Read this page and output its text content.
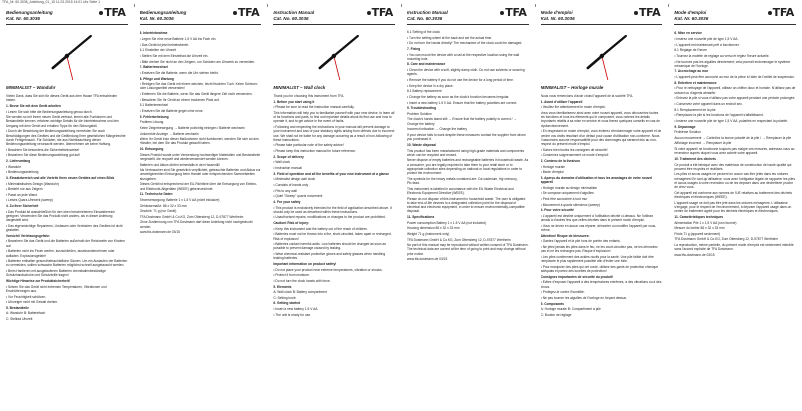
TFA_Nr. 60.3036_Anleitung_01_15 11.03.2015 14:01 Uhr Seite 1
Bedienungsanleitung
Kat. Nr. 60.3036	TFA
MINIMALIST – Wanduhr

Vielen Dank, dass Sie sich für dieses Gerät aus dem Hause TFA entschieden haben.

1. Bevor Sie mit dem Gerät arbeiten

• Lesen Sie sich bitte die Bedienungsanleitung genau durch.

Sie werden so mit Ihrem neuen Gerät vertraut, lernen alle Funktionen und Bestandteile kennen, erfahren wichtige Details für die Inbetriebnahme und den Umgang mit dem Gerät und erhalten Tipps für den Störungsfall.

• Durch die Beachtung der Bedienungsanleitung vermeiden Sie auch Beschädigungen des Gerätes und die Gefährdung Ihrer gesetzlichen Mängelrechte durch Fehlgebrauch. Für Schäden, die aus Nichtbeachtung dieser Bedienungsanleitung verursacht werden, übernehmen wir keine Haftung.

• Beachten Sie besonders die Sicherheitshinweise!

• Bewahren Sie diese Bedienungsanleitung gut auf!

2. Lieferumfang

• Wanduhr

• Bedienungsanleitung

3. Einsatzbereich und alle Vorteile Ihres neuen Gerätes auf einen Blick

• Minimalistisches Design (Wanduhr)

• Besteht nur aus Zeigern

• Passt an jede Wand

• Leises Quarz-Uhrwerk (sweep)

4. Zu Ihrer Sicherheit

• Das Produkt ist ausschließlich für den oben beschriebenen Einsatzbereich geeignet. Verwenden Sie das Produkt nicht anders, als in dieser Anleitung dargestellt wird.

• Das eigenmächtige Reparieren, Umbauen oder Verändern des Gerätes ist nicht gestattet.

Vorsicht! Verletzungsgefahr:

• Bewahren Sie das Gerät und die Batterien außerhalb der Reichweite von Kindern auf.

• Batterien nicht ins Feuer werfen, kurzschließen, auseinandernehmen oder aufladen. Explosionsgefahr!

• Batterien enthalten gesundheitsschädliche Säuren. Um ein Auslaufen der Batterien zu vermeiden, sollten schwache Batterien möglichst schnell ausgetauscht werden.

• Beim Hantieren mit ausgelaufenen Batterien chemikalienbeständige Schutzhandschuhe und Schutzbrille tragen!

Wichtige Hinweise zur Produktsicherheit!

• Setzen Sie das Gerät nicht extremen Temperaturen, Vibrationen und Erschütterungen aus.

• Vor Feuchtigkeit schützen.

• Uhrzeiger nicht mit Gewalt drehen.

5. Bestandteile

A: Wanduhr B: Batteriefach

C: Stellrad Uhrzeit

Bedienungsanleitung
Kat. Nr. 60.3036	TFA

6. Inbetriebnahme

• Legen Sie eine neue Batterie 1,5 V AA ins Fach ein.

• Das Gerät ist jetzt betriebsbereit.

6.1 Einstellen der Uhrzeit

• Stellen Sie mit dem Einstellrad die Uhrzeit ein.

• Bitte drehen Sie nicht an den Zeigern, um Schäden am Uhrwerk zu vermeiden.

7. Batteriewechsel

• Ersetzen Sie die Batterie, wenn die Uhr stehen bleibt.

8. Pflege und Wartung

• Reinigen Sie das Gerät mit einem weichen, leicht feuchten Tuch. Keine Scheuer- oder Lösungsmittel verwenden!

• Entfernen Sie die Batterie, wenn Sie das Gerät längere Zeit nicht verwenden.

• Bewahren Sie Ihr Gerät an einem trockenen Platz auf.

8.1 Batteriewechsel

• Ersetzen Sie die Batterie gegen eine neue.

9. Fehlerbehebung

Problem Lösung

Keine Zeigerbewegung → Batterie polrichtig einlegen / Batterie wechseln

Unkorrekte Anzeige → Batterie wechseln

Wenn Ihr Gerät trotz dieser Maßnahmen nicht funktioniert, wenden Sie sich an den Händler, bei dem Sie das Produkt gekauft haben.

10. Entsorgung

Dieses Produkt wurde unter Verwendung hochwertiger Materialien und Bestandteile hergestellt, die recycelt und wiederverwendet werden können.

Batterien und Akkus dürfen keinesfalls in den Hausmüll!

Als Verbraucher sind Sie gesetzlich verpflichtet, gebrauchte Batterien und Akkus zur umweltgerechten Entsorgung beim Handel oder entsprechenden Sammelstellen abzugeben.

Dieses Gerät ist entsprechend der EU-Richtlinie über die Entsorgung von Elektro- und Elektronik-Altgeräten (WEEE) gekennzeichnet.

11. Technische Daten

Stromversorgung: Batterie 1 x 1,5 V AA (nicht inklusive)

Gehäusemaße: 86 x 32 x 33 mm

Gewicht: 71 g (nur Gerät)

TFA Dostmann GmbH & Co.KG, Zum Ottersberg 12, D-97877 Wertheim

Ohne Zustimmung von TFA Dostmann darf diese Anleitung nicht nachgedruckt werden.

www.tfa-dostmann.de 03/15

Instruction Manual
Cat. No. 60.3036	TFA
MINIMALIST – Wall clock

Thank you for choosing this instrument from TFA.

1. Before you start using it

• Please be sure to read the instruction manual carefully.

This information will help you to familiarise yourself with your new device, to learn all of its functions and parts, to find out important details about its first use and how to operate it, and to get advice in the event of faults.

• Following and respecting the instructions in your manual will prevent damage to your instrument and loss of your statutory rights arising from defects due to incorrect use. We shall not be liable for any damage occurring as a result of non-following of these instructions.

• Please take particular note of the safety advice!

• Please keep this instruction manual for future reference.

2. Scope of delivery

• Wall clock

• Instruction manual

3. Field of operation and all the benefits of your new instrument at a glance

• Minimalist design wall clock

• Consists of hands only

• Fits to any wall

• Quiet "Sweep" quartz movement

4. For your safety

• This product is exclusively intended for the field of application described above. It should only be used as described within these instructions.

• Unauthorised repairs, modifications or changes to the product are prohibited.

Caution! Risk of injury:

• Keep this instrument and the battery out of the reach of children.

• Batteries must not be thrown into a fire, short-circuited, taken apart or recharged. Risk of explosion!

• Batteries contain harmful acids. Low batteries should be changed as soon as possible to prevent damage caused by leaking.

• Wear chemical-resistant protective gloves and safety glasses when handling leaking batteries.

Important information on product safety!

• Do not place your product near extreme temperatures, vibration or shocks.

• Protect it from moisture.

• Do not turn the clock hands with force.

5. Elements

A: Wall clock B: Battery compartment

C: Setting knob

6. Getting started

• Insert a new battery 1.5 V AA.

• The unit is ready for use.

Instruction Manual
Cat. No. 60.3036	TFA

6.1 Setting of the clock

• Turn the setting wheel at the back and set the actual time.

• Do not turn the hands directly! The mechanism of the clock could be damaged.

7. Fixing

• You can mount the device with a nail at the respective location using the wall mounting hole.

8. Care and maintenance

• Clean the device with a soft, slightly damp cloth. Do not use solvents or scouring agents.

• Remove the battery if you do not use the device for a long period of time.

• Keep the device in a dry place.

8.1 Battery replacement

• Change the battery as soon as the clock's function becomes irregular.

• Insert a new battery 1.5 V AA. Ensure that the battery polarities are correct.

9. Troubleshooting

Problem Solution

The clock's hands stand still → Ensure that the battery polarity is correct / → Change the battery

Incorrect indication → Change the battery

If your device fails to work despite these measures contact the supplier from whom you purchased it.

10. Waste disposal

This product has been manufactured using high-grade materials and components which can be recycled and reused.

Never dispose of empty batteries and rechargeable batteries in household waste. As a consumer, you are legally required to take them to your retail store or to appropriate collection sites depending on national or local regulations in order to protect the environment.

The symbols for the heavy metals contained are: Cd=cadmium, Hg=mercury, Pb=lead.

This instrument is labelled in accordance with the EU Waste Electrical and Electronic Equipment Directive (WEEE).

Please do not dispose of this instrument in household waste. The user is obligated to take end-of-life devices to a designated collection point for the disposal of electrical and electronic equipment, in order to ensure environmentally-compatible disposal.

11. Specifications

Power consumption Battery 1 x 1.5 V AA (not included)

Housing dimension 86 x 32 x 33 mm

Weight 71 g (instrument only)

TFA Dostmann GmbH & Co.KG, Zum Ottersberg 12, D-97877 Wertheim

No part of this manual may be reproduced without written consent of TFA Dostmann. The technical data are correct at the time of going to print and may change without prior notice.

www.tfa-dostmann.de 03/15

Mode d'emploi
Kat. Nr. 60.3036	TFA
MINIMALIST – Horloge murale

Nous vous remercions d'avoir choisi l'appareil de la société TFA.

1. Avant d'utiliser l'appareil

• Veuillez lire attentivement le mode d'emploi.

Vous vous familiariserez ainsi avec votre nouvel appareil, vous découvrirez toutes les fonctions et tous les éléments qui le composent, vous noterez les détails importants relatifs à sa mise en service et vous tirerez quelques conseils en cas de dysfonctionnement.

• En respectant ce mode d'emploi, vous éviterez d'endommager votre appareil et de perdre vos droits résultant d'un défaut pour cause d'utilisation non-conforme. Nous n'assumons aucune responsabilité pour des dommages qui seraient dûs au non-respect du présent mode d'emploi.

• Suivez bien toutes les consignes de sécurité!

• Conservez soigneusement ce mode d'emploi!

2. Contenu de la livraison

• Horloge murale

• Mode d'emploi

3. Aperçu du domaine d'utilisation et tous les avantages de votre nouvel appareil

• Horloge murale au design minimaliste

• Se compose uniquement d'aiguilles

• Peut être accrochée à tout mur

• Mouvement à quartz silencieux (sweep)

4. Pour votre sécurité

• L'appareil est destiné uniquement à l'utilisation décrite ci-dessus. Ne l'utilisez jamais à d'autres fins que celles décrites dans le présent mode d'emploi.

• Vous ne devez en aucun cas réparer, démonter ou modifier l'appareil par vous-même.

Attention! Risque de blessures:

• Gardez l'appareil et la pile hors de portée des enfants.

• Ne jetez jamais les piles dans le feu, ne les court-circuitez pas, ne les démontez pas et ne les rechargez pas. Risque d'explosion!

• Les piles contiennent des acides nocifs pour la santé. Une pile faible doit être remplacée le plus rapidement possible afin d'éviter une fuite.

• Pour manipuler des piles qui ont coulé, utilisez des gants de protection chimique adéquats et portez des lunettes de protection!

Consignes importantes de sécurité du produit!

• Evitez d'exposer l'appareil à des températures extrêmes, à des vibrations ou à des chocs.

• Protégez-le contre l'humidité.

• Ne pas tourner les aiguilles de l'horloge en forçant dessus.

5. Composants

A: Horloge murale B: Compartiment à pile

C: Bouton de réglage

Mode d'emploi
Kat. Nr. 60.3036	TFA

6. Mise en service

• Insérez une nouvelle pile de type 1,5 V AA.

• L'appareil est maintenant prêt à fonctionner.

6.1 Réglage de l'heure

• Tournez la molette de réglage au verso et réglez l'heure actuelle.

• Ne tournez pas les aiguilles directement; cela pourrait endommager le système mécanique de l'horloge.

7. Accrochage au mur

• L'appareil peut être accroché au mur de la pièce à l'aide de l'oeillet de suspension.

8. Entretien et maintenance

• Pour le nettoyage de l'appareil, utilisez un chiffon doux et humide. N'utilisez pas de solvant ou d'agents abrasifs!

• Enlevez la pile si vous n'utilisez pas votre appareil pendant une période prolongée.

• Conservez votre appareil dans un endroit sec.

8.1 Remplacement de la pile

• Remplacez la pile si les fonctions de l'appareil s'affaiblissent.

• Insérez une nouvelle pile de type 1,5 V AA, polarités en respectant la polarité.

9. Dépannage

Problème Solution

Aucun mouvement → Contrôlez la bonne polarité de la pile / → Remplacer la pile

Affichage incorrect → Remplacer la pile

Si votre appareil ne fonctionne toujours pas malgré ces mesures, adressez-vous au revendeur auprès duquel vous avez acheté votre appareil.

10. Traitement des déchets

Ce produit a été fabriqué avec des matériaux de construction de haute qualité qui peuvent être recyclés et réutilisés.

Les piles et accus usagés ne peuvent en aucun cas être jetés dans les ordures ménagères! En tant qu'utilisateur, vous avez l'obligation légale de rapporter les piles et accus usagés à votre revendeur ou de les déposer dans une déchetterie proche de chez vous.

Cet appareil est conforme aux normes de l'UE relatives au traitement des déchets électriques et électroniques (WEEE).

L'appareil usagé ne doit pas être jeté dans les ordures ménagères. L'utilisateur s'engage, pour le respect de l'environnement, à déposer l'appareil usagé dans un centre de traitement agréé pour les déchets électriques et électroniques.

11. Caractéristiques techniques

Alimentation Pile 1 x 1,5 V AA (non fournie)

Mesure du boîtier 86 x 32 x 33 mm

Poids 71 g (appareil seulement)

TFA Dostmann GmbH & Co.KG, Zum Ottersberg 12, D-97877 Wertheim

La reproduction, même partielle, du présent mode d'emploi est strictement interdite sans l'accord explicite de TFA Dostmann.

www.tfa-dostmann.de 03/15
